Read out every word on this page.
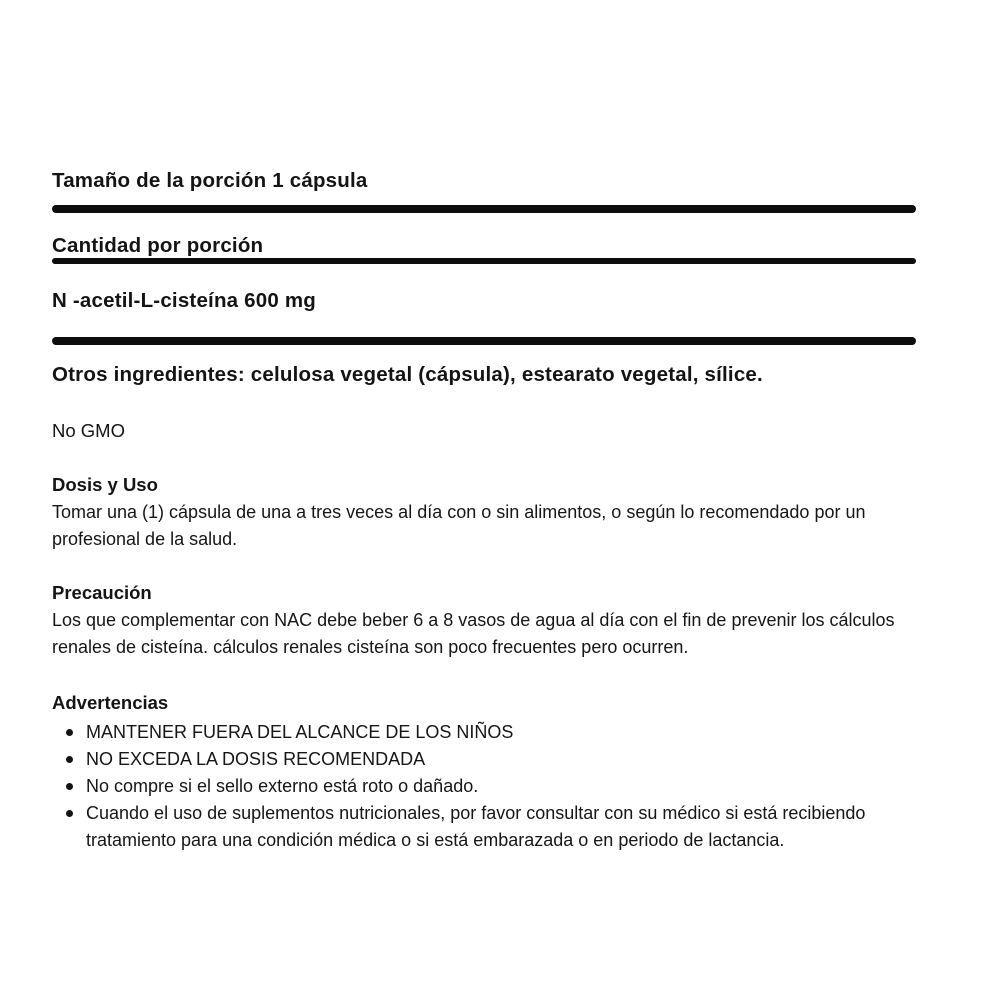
Tamaño de la porción 1 cápsula
Cantidad por porción
N -acetil-L-cisteína 600 mg
Otros ingredientes: celulosa vegetal (cápsula), estearato vegetal, sílice.
No GMO
Dosis y Uso
Tomar una (1) cápsula de una a tres veces al día con o sin alimentos, o según lo recomendado por un profesional de la salud.
Precaución
Los que complementar con NAC debe beber 6 a 8 vasos de agua al día con el fin de prevenir los cálculos renales de cisteína. cálculos renales cisteína son poco frecuentes pero ocurren.
Advertencias
MANTENER FUERA DEL ALCANCE DE LOS NIÑOS
NO EXCEDA LA DOSIS RECOMENDADA
No compre si el sello externo está roto o dañado.
Cuando el uso de suplementos nutricionales, por favor consultar con su médico si está recibiendo tratamiento para una condición médica o si está embarazada o en periodo de lactancia.
